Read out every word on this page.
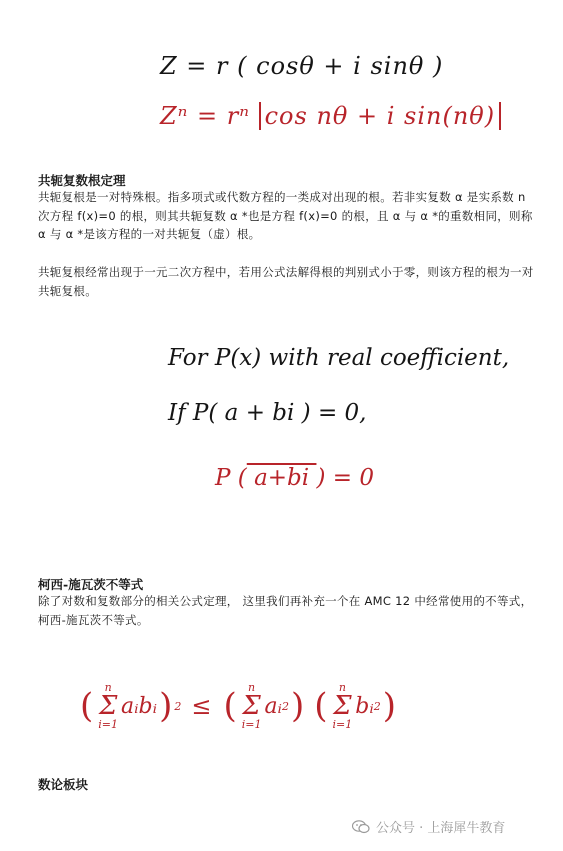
Z = r ( cosθ + i sinθ )
Zⁿ = rⁿ cos nθ + i sin(nθ)
共轭复数根定理
共轭复根是一对特殊根。指多项式或代数方程的一类成对出现的根。若非实复数 α 是实系数 n 次方程 f(x)=0 的根，则其共轭复数 α *也是方程 f(x)=0 的根，且 α 与 α *的重数相同，则称 α 与 α *是该方程的一对共轭复（虚）根。
共轭复根经常出现于一元二次方程中，若用公式法解得根的判别式小于零，则该方程的根为一对共轭复根。
For P(x) with real coefficient,
If P( a + bi ) = 0,
P ( a+bi ) = 0
柯西-施瓦茨不等式
除了对数和复数部分的相关公式定理， 这里我们再补充一个在 AMC 12 中经常使用的不等式，柯西-施瓦茨不等式。
( n
Σ
i=1
aᵢbᵢ ) 2 ≤ ( n
Σ
i=1
aᵢ 2 ) ( n
Σ
i=1
bᵢ 2 )
数论板块
公众号 · 上海犀牛教育
